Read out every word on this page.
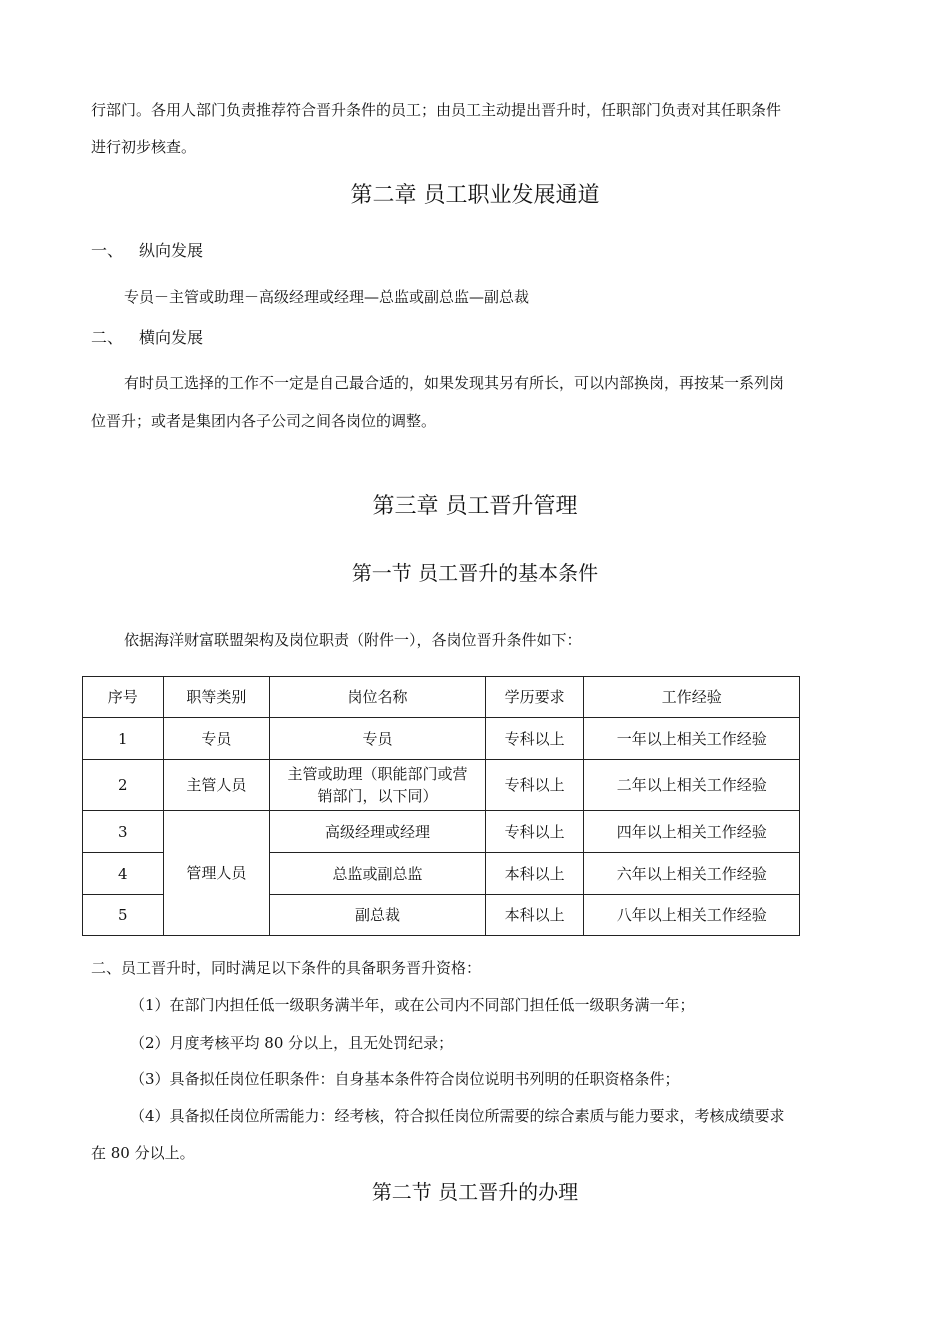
行部门。各用人部门负责推荐符合晋升条件的员工；由员工主动提出晋升时，任职部门负责对其任职条件
进行初步核查。
第二章 员工职业发展通道
一、 纵向发展
专员－主管或助理－高级经理或经理—总监或副总监—副总裁
二、 横向发展
有时员工选择的工作不一定是自己最合适的，如果发现其另有所长，可以内部换岗，再按某一系列岗
位晋升；或者是集团内各子公司之间各岗位的调整。
第三章 员工晋升管理
第一节 员工晋升的基本条件
依据海洋财富联盟架构及岗位职责（附件一），各岗位晋升条件如下：
序号	职等类别	岗位名称	学历要求	工作经验
1	专员	专员	专科以上	一年以上相关工作经验
2	主管人员	主管或助理（职能部门或营
销部门，以下同）	专科以上	二年以上相关工作经验
3	管理人员	高级经理或经理	专科以上	四年以上相关工作经验
4		总监或副总监	本科以上	六年以上相关工作经验
5		副总裁	本科以上	八年以上相关工作经验
二、员工晋升时，同时满足以下条件的具备职务晋升资格：
（1）在部门内担任低一级职务满半年，或在公司内不同部门担任低一级职务满一年；
（2）月度考核平均 80 分以上，且无处罚纪录；
（3）具备拟任岗位任职条件：自身基本条件符合岗位说明书列明的任职资格条件；
（4）具备拟任岗位所需能力：经考核，符合拟任岗位所需要的综合素质与能力要求，考核成绩要求
在 80 分以上。
第二节 员工晋升的办理
